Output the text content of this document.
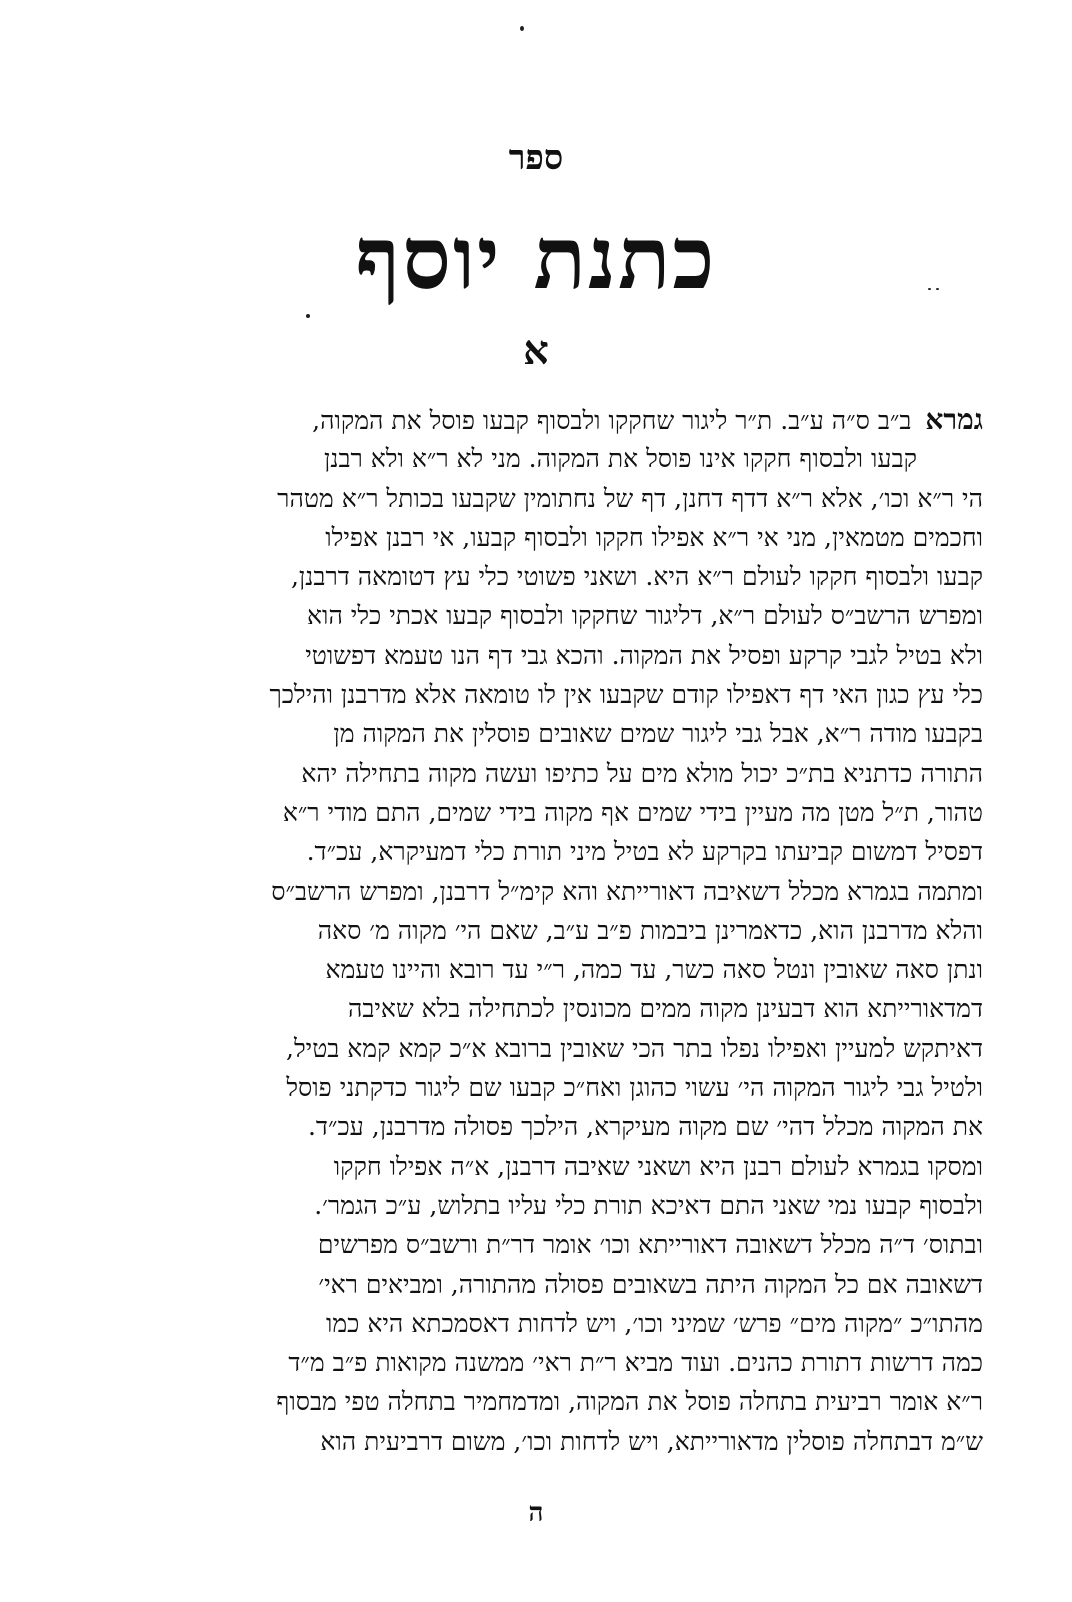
ספר
כתנת יוסף
א
גמראב״ב ס״ה ע״ב. ת״ר ליגור שחקקו ולבסוף קבעו פוסל את המקוה,
קבעו ולבסוף חקקו אינו פוסל את המקוה. מני לא ר״א ולא רבנן
הי ר״א וכו׳, אלא ר״א דדף דחנן, דף של נחתומין שקבעו בכותל ר״א מטהר
וחכמים מטמאין, מני אי ר״א אפילו חקקו ולבסוף קבעו, אי רבנן אפילו
קבעו ולבסוף חקקו לעולם ר״א היא. ושאני פשוטי כלי עץ דטומאה דרבנן,
ומפרש הרשב״ס לעולם ר״א, דליגור שחקקו ולבסוף קבעו אכתי כלי הוא
ולא בטיל לגבי קרקע ופסיל את המקוה. והכא גבי דף הנו טעמא דפשוטי
כלי עץ כגון האי דף דאפילו קודם שקבעו אין לו טומאה אלא מדרבנן והילכך
בקבעו מודה ר״א, אבל גבי ליגור שמים שאובים פוסלין את המקוה מן
התורה כדתניא בת״כ יכול מולא מים על כתיפו ועשה מקוה בתחילה יהא
טהור, ת״ל מטן מה מעיין בידי שמים אף מקוה בידי שמים, התם מודי ר״א
דפסיל דמשום קביעתו בקרקע לא בטיל מיני תורת כלי דמעיקרא, עכ״ד.
ומתמה בגמרא מכלל דשאיבה דאורייתא והא קימ״ל דרבנן, ומפרש הרשב״ס
והלא מדרבנן הוא, כדאמרינן ביבמות פ״ב ע״ב, שאם הי׳ מקוה מ׳ סאה
ונתן סאה שאובין ונטל סאה כשר, עד כמה, ר״י עד רובא והיינו טעמא
דמדאורייתא הוא דבעינן מקוה ממים מכונסין לכתחילה בלא שאיבה
דאיתקש למעיין ואפילו נפלו בתר הכי שאובין ברובא א״כ קמא קמא בטיל,
ולטיל גבי ליגור המקוה הי׳ עשוי כהוגן ואח״כ קבעו שם ליגור כדקתני פוסל
את המקוה מכלל דהי׳ שם מקוה מעיקרא, הילכך פסולה מדרבנן, עכ״ד.
ומסקו בגמרא לעולם רבנן היא ושאני שאיבה דרבנן, א״ה אפילו חקקו
ולבסוף קבעו נמי שאני התם דאיכא תורת כלי עליו בתלוש, ע״כ הגמר׳.
ובתוס׳ ד״ה מכלל דשאובה דאורייתא וכו׳ אומר דר״ת ורשב״ס מפרשים
דשאובה אם כל המקוה היתה בשאובים פסולה מהתורה, ומביאים ראי׳
מהתו״כ ״מקוה מים״ פרש׳ שמיני וכו׳, ויש לדחות דאסמכתא היא כמו
כמה דרשות דתורת כהנים. ועוד מביא ר״ת ראי׳ ממשנה מקואות פ״ב מ״ד
ר״א אומר רביעית בתחלה פוסל את המקוה, ומדמחמיר בתחלה טפי מבסוף
ש״מ דבתחלה פוסלין מדאורייתא, ויש לדחות וכו׳, משום דרביעית הוא
ה
